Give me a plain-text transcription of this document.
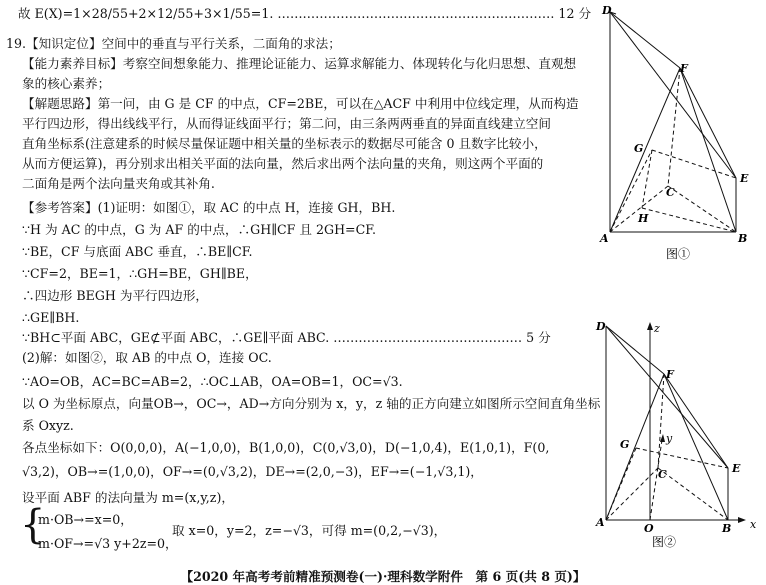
故 E(X)=1×28/55+2×12/55+3×1/55=1. ………………………………………………………… 12 分
19.【知识定位】空间中的垂直与平行关系，二面角的求法；
【能力素养目标】考察空间想象能力、推理论证能力、运算求解能力、体现转化与化归思想、直观想
象的核心素养；
【解题思路】第一问，由 G 是 CF 的中点，CF=2BE，可以在△ACF 中利用中位线定理，从而构造
平行四边形，得出线线平行，从而得证线面平行；第二问，由三条两两垂直的异面直线建立空间
直角坐标系(注意建系的时候尽量保证题中相关量的坐标表示的数据尽可能含 0 且数字比较小，
从而方便运算)，再分别求出相关平面的法向量，然后求出两个法向量的夹角，则这两个平面的
二面角是两个法向量夹角或其补角.
【参考答案】(1)证明：如图①，取 AC 的中点 H，连接 GH，BH.
∵H 为 AC 的中点，G 为 AF 的中点，∴GH∥CF 且 2GH=CF.
∵BE，CF 与底面 ABC 垂直，∴BE∥CF.
∵CF=2，BE=1，∴GH=BE，GH∥BE，
∴四边形 BEGH 为平行四边形，
∴GE∥BH.
∵BH⊂平面 ABC，GE⊄平面 ABC，∴GE∥平面 ABC. ……………………………………… 5 分
(2)解：如图②，取 AB 的中点 O，连接 OC.
∵AO=OB，AC=BC=AB=2，∴OC⊥AB，OA=OB=1，OC=√3.
以 O 为坐标原点，向量OB→，OC→，AD→方向分别为 x，y，z 轴的正方向建立如图所示空间直角坐标
系 Oxyz.
各点坐标如下：O(0,0,0)，A(−1,0,0)，B(1,0,0)，C(0,√3,0)，D(−1,0,4)，E(1,0,1)，F(0,
√3,2)，OB→=(1,0,0)，OF→=(0,√3,2)，DE→=(2,0,−3)，EF→=(−1,√3,1)，
设平面 ABF 的法向量为 m=(x,y,z)，
{
m·OB→=x=0，
m·OF→=√3 y+2z=0，
取 x=0，y=2，z=−√3，可得 m=(0,2,−√3)，
D
F
G
C
E
H
A	B
图①
D	z
F
y
G
C	E
A	O	B x
图②
【2020 年高考考前精准预测卷(一)·理科数学附件　第 6 页(共 8 页)】
